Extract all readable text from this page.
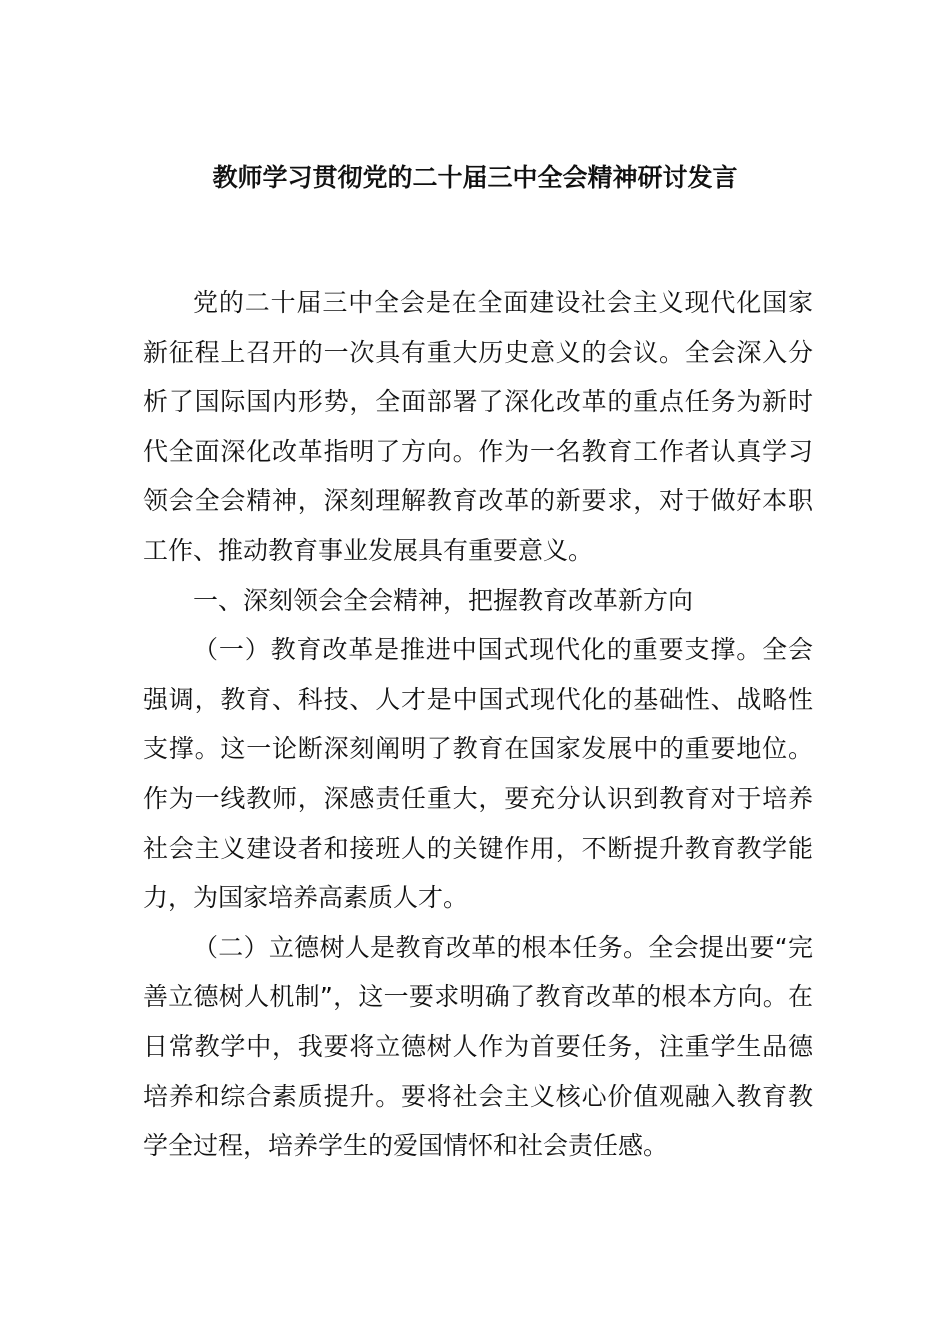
教师学习贯彻党的二十届三中全会精神研讨发言

党的二十届三中全会是在全面建设社会主义现代化国家新征程上召开的一次具有重大历史意义的会议。全会深入分析了国际国内形势，全面部署了深化改革的重点任务为新时代全面深化改革指明了方向。作为一名教育工作者认真学习领会全会精神，深刻理解教育改革的新要求，对于做好本职工作、推动教育事业发展具有重要意义。

一、深刻领会全会精神，把握教育改革新方向

（一）教育改革是推进中国式现代化的重要支撑。全会强调，教育、科技、人才是中国式现代化的基础性、战略性支撑。这一论断深刻阐明了教育在国家发展中的重要地位。作为一线教师，深感责任重大，要充分认识到教育对于培养社会主义建设者和接班人的关键作用，不断提升教育教学能力，为国家培养高素质人才。

（二）立德树人是教育改革的根本任务。全会提出要“完善立德树人机制”，这一要求明确了教育改革的根本方向。在日常教学中，我要将立德树人作为首要任务，注重学生品德培养和综合素质提升。要将社会主义核心价值观融入教育教学全过程，培养学生的爱国情怀和社会责任感。
